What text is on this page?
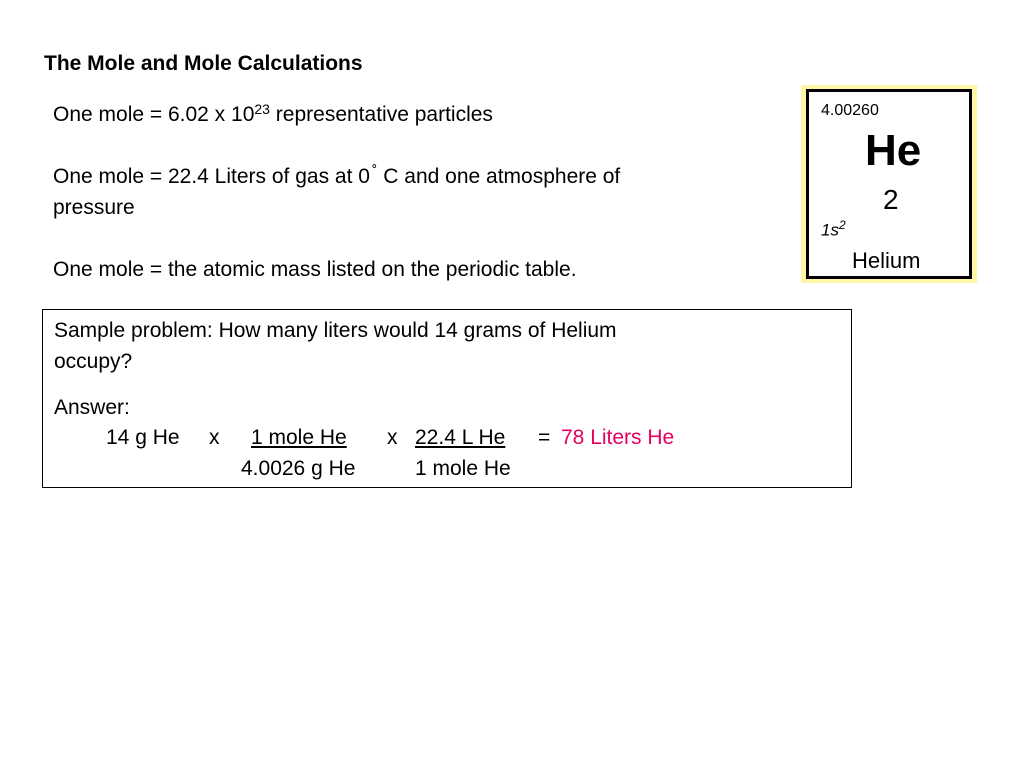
The Mole and Mole Calculations
One mole = 6.02 x $10^{23}$ representative particles
One mole = 22.4 Liters of gas at 0 ˚ C and one atmosphere of
pressure
One mole = the atomic mass listed on the periodic table.
4.00260
He
2
$1s^2$
Helium
Sample problem: How many liters would 14 grams of Helium
occupy?
Answer:
14 g He x 1 mole He x 22.4 L He = 78 Liters He
4.0026 g He	1 mole He
